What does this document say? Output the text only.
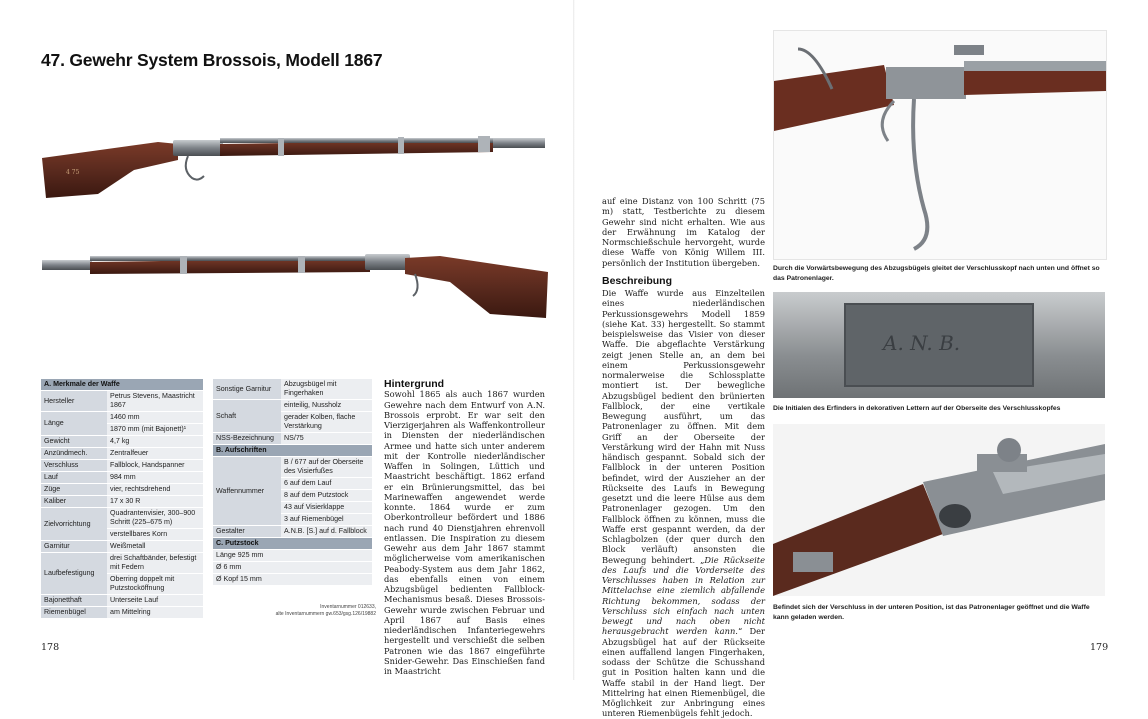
47. Gewehr System Brossois, Modell 1867
4 75
A. Merkmale der Waffe	
Hersteller	Petrus Stevens, Maastricht 1867
Länge	1460 mm
	1870 mm (mit Bajonett)¹
Gewicht	4,7 kg
Anzündmech.	Zentralfeuer
Verschluss	Fallblock, Handspanner
Lauf	984 mm
Züge	vier, rechtsdrehend
Kaliber	17 x 30 R
Zielvorrichtung	Quadrantenvisier, 300–900 Schritt (225–675 m)
	verstellbares Korn
Garnitur	Weißmetall
Laufbefestigung	drei Schaftbänder, befestigt mit Federn
	Oberring doppelt mit Putzstocköffnung
Bajonetthaft	Unterseite Lauf
Riemenbügel	am Mittelring
Sonstige Garnitur	Abzugsbügel mit Fingerhaken
Schaft	einteilig, Nussholz
	gerader Kolben, flache Verstärkung
NSS-Bezeichnung	NS/75
B. Aufschriften	
Waffennummer	B / 677 auf der Oberseite des Visierfußes
	6 auf dem Lauf
	8 auf dem Putzstock
	43 auf Visierklappe
	3 auf Riemenbügel
Gestalter	A.N.B. [S.] auf d. Fallblock
C. Putzstock	
Länge 925 mm	
Ø 6 mm	
Ø Kopf 15 mm	
Inventarnummer 012633,
alte Inventarnummern gw.653/gsg.126/19882
Hintergrund

Sowohl 1865 als auch 1867 wurden Gewehre nach dem Entwurf von A.N. Brossois erprobt. Er war seit den Vierzigerjahren als Waffenkontrolleur in Diensten der niederländischen Armee und hatte sich unter anderem mit der Kontrolle niederländischer Waffen in Solingen, Lüttich und Maastricht beschäftigt. 1862 erfand er ein Brünierungsmittel, das bei Marinewaffen angewendet werde konnte. 1864 wurde er zum Oberkontrolleur befördert und 1886 nach rund 40 Dienstjahren ehrenvoll entlassen. Die Inspiration zu diesem Gewehr aus dem Jahr 1867 stammt möglicherweise vom amerikanischen Peabody-System aus dem Jahr 1862, das ebenfalls einen von einem Abzugsbügel bedienten Fallblock-Mechanismus besaß. Dieses Brossois-Gewehr wurde zwischen Februar und April 1867 auf Basis eines niederländischen Infanteriegewehrs hergestellt und verschießt die selben Patronen wie das 1867 eingeführte Snider-Gewehr. Das Einschießen fand in Maastricht

auf eine Distanz von 100 Schritt (75 m) statt, Testberichte zu diesem Gewehr sind nicht erhalten. Wie aus der Erwähnung im Katalog der Normschießschule hervorgeht, wurde diese Waffe von König Willem III. persönlich der Institution übergeben.

Beschreibung

Die Waffe wurde aus Einzelteilen eines niederländischen Perkussionsgewehrs Modell 1859 (siehe Kat. 33) hergestellt. So stammt beispielsweise das Visier von dieser Waffe. Die abgeflachte Verstärkung zeigt jenen Stelle an, an dem bei einem Perkussionsgewehr normalerweise die Schlossplatte montiert ist. Der bewegliche Abzugsbügel bedient den brünierten Fallblock, der eine vertikale Bewegung ausführt, um das Patronenlager zu öffnen. Mit dem Griff an der Oberseite der Verstärkung wird der Hahn mit Nuss händisch gespannt. Sobald sich der Fallblock in der unteren Position befindet, wird der Auszieher an der Rückseite des Laufs in Bewegung gesetzt und die leere Hülse aus dem Patronenlager gezogen. Um den Fallblock öffnen zu können, muss die Waffe erst gespannt werden, da der Schlagbolzen (der quer durch den Block verläuft) ansonsten die Bewegung behindert. „Die Rückseite des Laufs und die Vorderseite des Verschlusses haben in Relation zur Mittelachse eine ziemlich abfallende Richtung bekommen, sodass der Verschluss sich einfach nach unten bewegt und nach oben nicht herausgebracht werden kann.“ Der Abzugsbügel hat auf der Rückseite einen auffallend langen Fingerhaken, sodass der Schütze die Schusshand gut in Position halten kann und die Waffe stabil in der Hand liegt. Der Mittelring hat einen Riemenbügel, die Möglichkeit zur Anbringung eines unteren Riemenbügels fehlt jedoch.

Durch die Vorwärtsbewegung des Abzugsbügels gleitet der Verschlusskopf nach unten und öffnet so das Patronenlager.
A. N. B.
Die Initialen des Erfinders in dekorativen Lettern auf der Oberseite des Verschlusskopfes
Befindet sich der Verschluss in der unteren Position, ist das Patronenlager geöffnet und die Waffe kann geladen werden.
178	179
